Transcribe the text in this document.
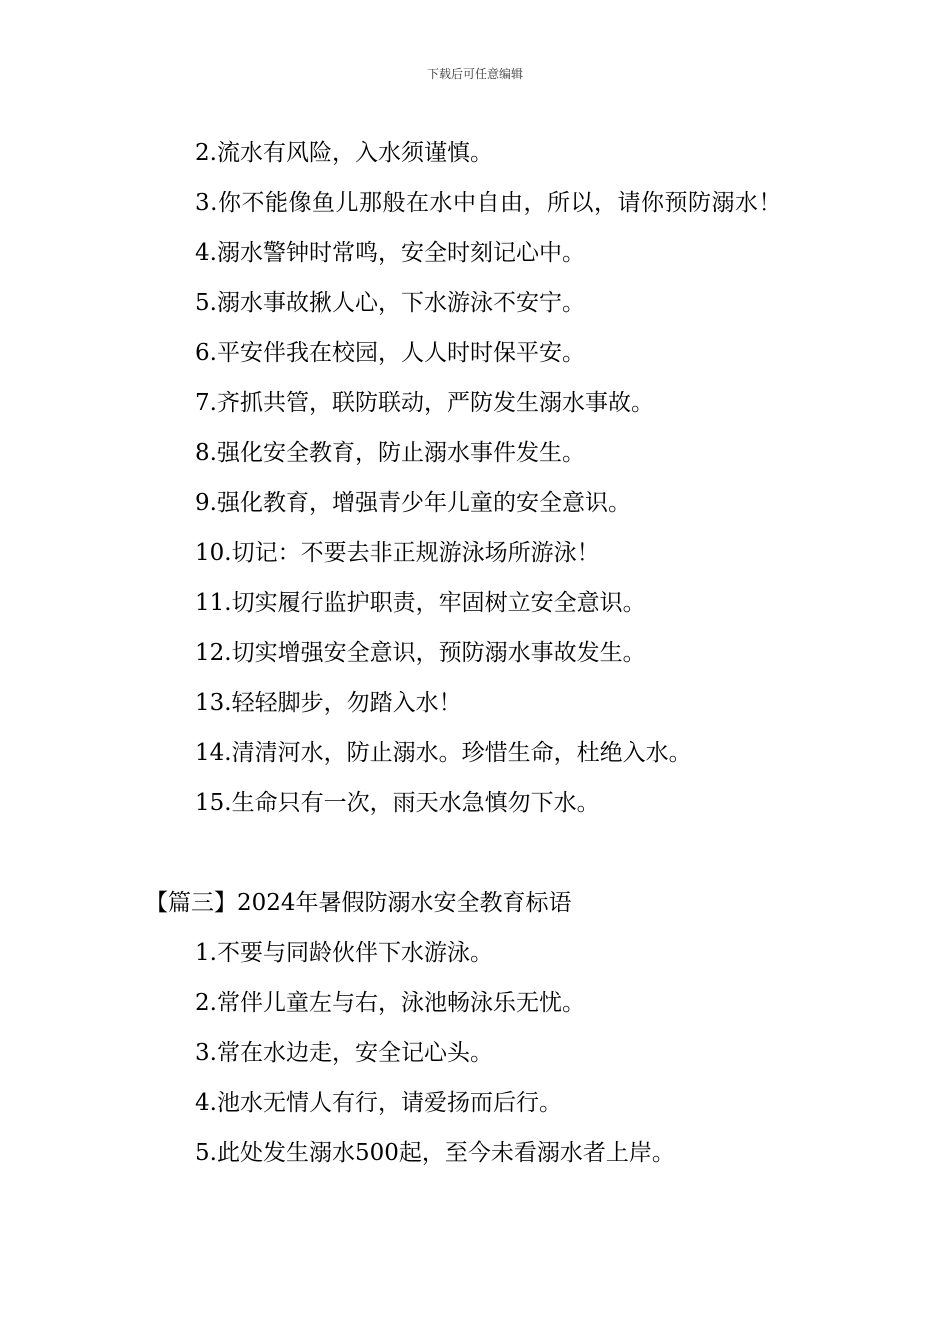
下载后可任意编辑
2.流水有风险，入水须谨慎。
3.你不能像鱼儿那般在水中自由，所以，请你预防溺水！
4.溺水警钟时常鸣，安全时刻记心中。
5.溺水事故揪人心，下水游泳不安宁。
6.平安伴我在校园，人人时时保平安。
7.齐抓共管，联防联动，严防发生溺水事故。
8.强化安全教育，防止溺水事件发生。
9.强化教育，增强青少年儿童的安全意识。
10.切记：不要去非正规游泳场所游泳！
11.切实履行监护职责，牢固树立安全意识。
12.切实增强安全意识，预防溺水事故发生。
13.轻轻脚步，勿踏入水！
14.清清河水，防止溺水。珍惜生命，杜绝入水。
15.生命只有一次，雨天水急慎勿下水。
【篇三】2024年暑假防溺水安全教育标语
1.不要与同龄伙伴下水游泳。
2.常伴儿童左与右，泳池畅泳乐无忧。
3.常在水边走，安全记心头。
4.池水无情人有行，请爱扬而后行。
5.此处发生溺水500起，至今未看溺水者上岸。
